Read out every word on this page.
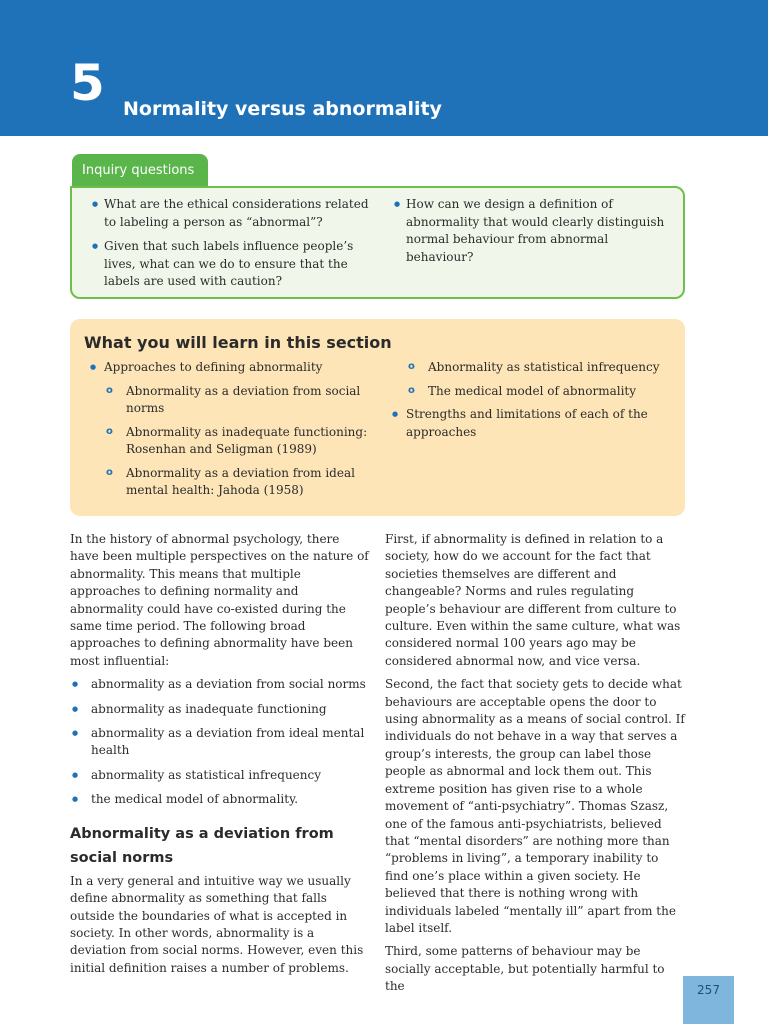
5 Normality versus abnormality
Inquiry questions
● What are the ethical considerations related to labeling a person as “abnormal”?
● Given that such labels influence people’s lives, what can we do to ensure that the labels are used with caution?
● How can we design a definition of abnormality that would clearly distinguish normal behaviour from abnormal behaviour?
What you will learn in this section
● Approaches to defining abnormality
o Abnormality as a deviation from social norms
o Abnormality as inadequate functioning: Rosenhan and Seligman (1989)
o Abnormality as a deviation from ideal mental health: Jahoda (1958)
o Abnormality as statistical infrequency
o The medical model of abnormality
● Strengths and limitations of each of the approaches

In the history of abnormal psychology, there have been multiple perspectives on the nature of abnormality. This means that multiple approaches to defining normality and abnormality could have co-existed during the same time period. The following broad approaches to defining abnormality have been most influential:

● abnormality as a deviation from social norms
● abnormality as inadequate functioning
● abnormality as a deviation from ideal mental health
● abnormality as statistical infrequency
● the medical model of abnormality.
Abnormality as a deviation from social norms

In a very general and intuitive way we usually define abnormality as something that falls outside the boundaries of what is accepted in society. In other words, abnormality is a deviation from social norms. However, even this initial definition raises a number of problems.

First, if abnormality is defined in relation to a society, how do we account for the fact that societies themselves are different and changeable? Norms and rules regulating people’s behaviour are different from culture to culture. Even within the same culture, what was considered normal 100 years ago may be considered abnormal now, and vice versa.

Second, the fact that society gets to decide what behaviours are acceptable opens the door to using abnormality as a means of social control. If individuals do not behave in a way that serves a group’s interests, the group can label those people as abnormal and lock them out. This extreme position has given rise to a whole movement of “anti-psychiatry”. Thomas Szasz, one of the famous anti-psychiatrists, believed that “mental disorders” are nothing more than “problems in living”, a temporary inability to find one’s place within a given society. He believed that there is nothing wrong with individuals labeled “mentally ill” apart from the label itself.

Third, some patterns of behaviour may be socially acceptable, but potentially harmful to the	257
